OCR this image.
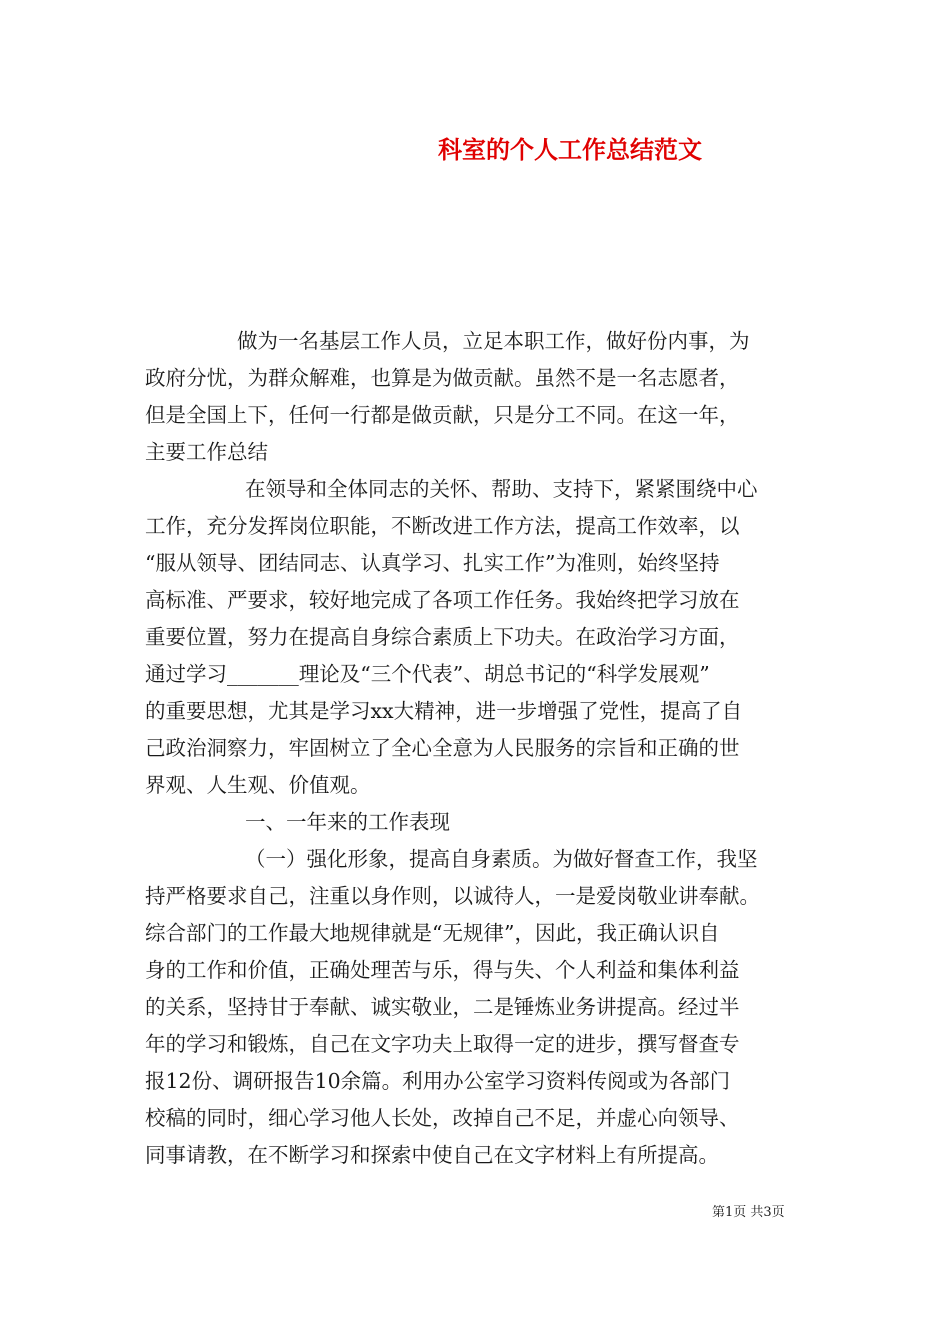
科室的个人工作总结范文
做为一名基层工作人员，立足本职工作，做好份内事，为
政府分忧，为群众解难，也算是为做贡献。虽然不是一名志愿者，
但是全国上下，任何一行都是做贡献，只是分工不同。在这一年，
主要工作总结
在领导和全体同志的关怀、帮助、支持下，紧紧围绕中心
工作，充分发挥岗位职能，不断改进工作方法，提高工作效率，以
“服从领导、团结同志、认真学习、扎实工作”为准则，始终坚持
高标准、严要求，较好地完成了各项工作任务。我始终把学习放在
重要位置，努力在提高自身综合素质上下功夫。在政治学习方面，
通过学习_______理论及“三个代表”、胡总书记的“科学发展观”
的重要思想，尤其是学习xx大精神，进一步增强了党性，提高了自
己政治洞察力，牢固树立了全心全意为人民服务的宗旨和正确的世
界观、人生观、价值观。
一、一年来的工作表现
（一）强化形象，提高自身素质。为做好督查工作，我坚
持严格要求自己，注重以身作则，以诚待人，一是爱岗敬业讲奉献。
综合部门的工作最大地规律就是“无规律”，因此，我正确认识自
身的工作和价值，正确处理苦与乐，得与失、个人利益和集体利益
的关系，坚持甘于奉献、诚实敬业，二是锤炼业务讲提高。经过半
年的学习和锻炼，自己在文字功夫上取得一定的进步，撰写督查专
报12份、调研报告10余篇。利用办公室学习资料传阅或为各部门
校稿的同时，细心学习他人长处，改掉自己不足，并虚心向领导、
同事请教，在不断学习和探索中使自己在文字材料上有所提高。
第1页 共3页
